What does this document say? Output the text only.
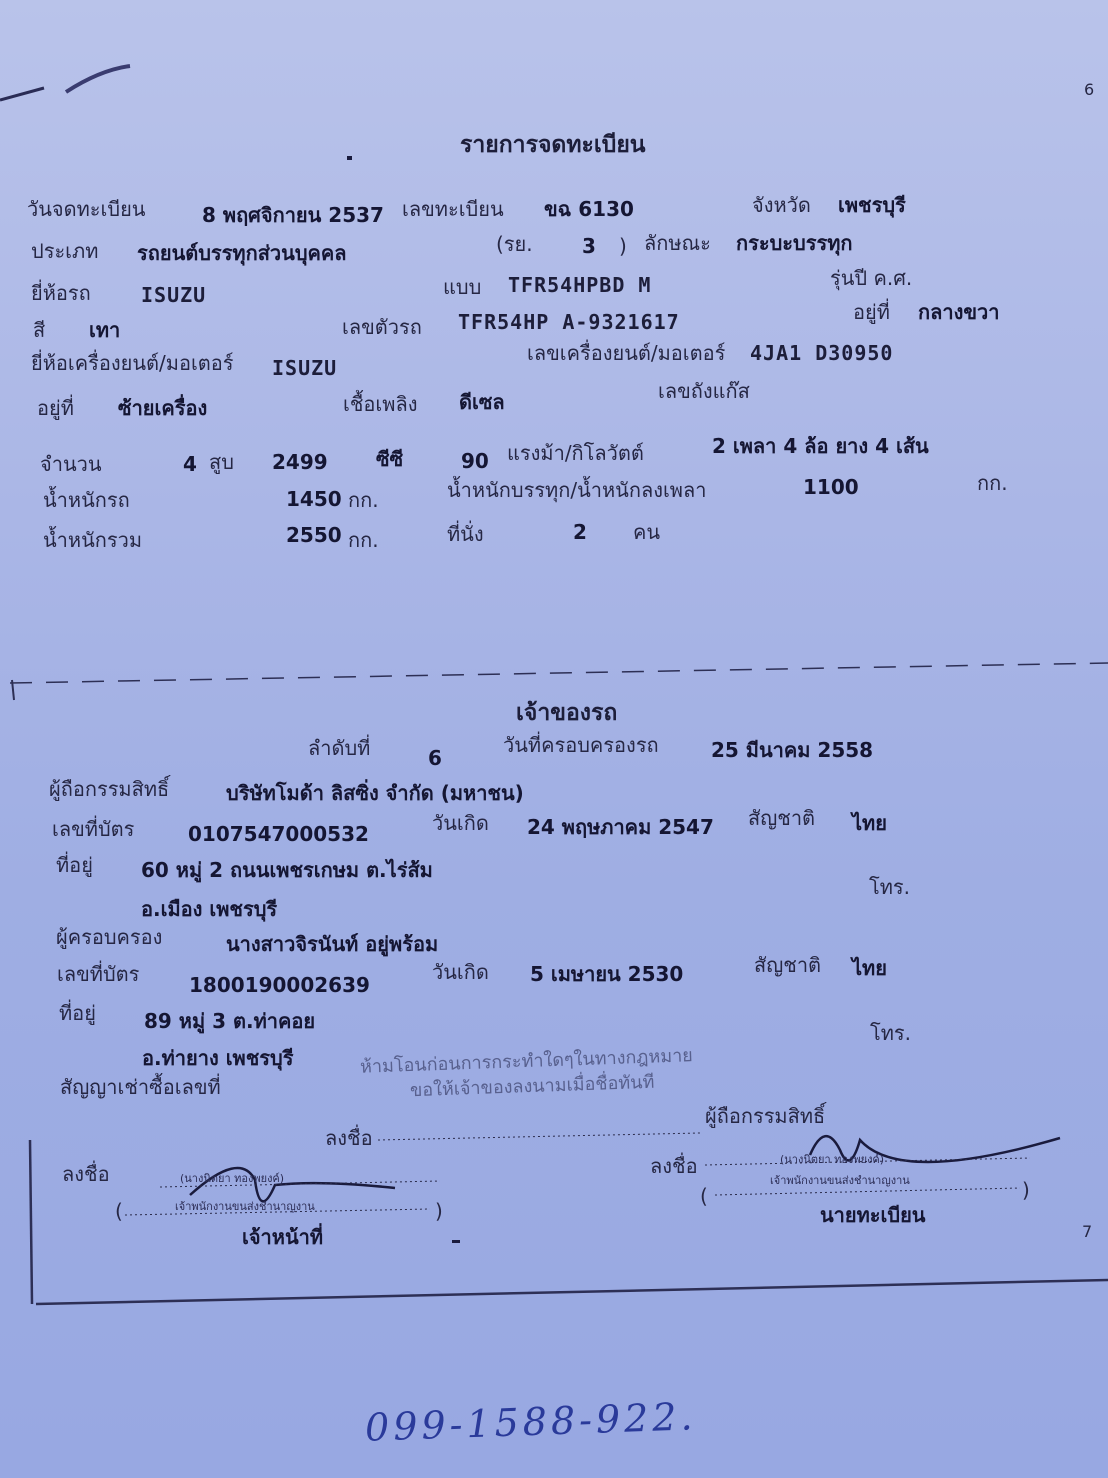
6
รายการจดทะเบียน
วันจดทะเบียน	8 พฤศจิกายน 2537 เลขทะเบียน ขฉ 6130	จังหวัด เพชรบุรี
ประเภท รถยนต์บรรทุกส่วนบุคคล	(รย. 3 ) ลักษณะ กระบะบรรทุก
ยี่ห้อรถ	ISUZU	แบบ TFR54HPBD M	รุ่นปี ค.ศ.
สี เทา	เลขตัวรถ TFR54HP A-9321617	อยู่ที่ กลางขวา
ยี่ห้อเครื่องยนต์/มอเตอร์ ISUZU
เลขเครื่องยนต์/มอเตอร์ 4JA1 D30950
อยู่ที่ ซ้ายเครื่อง	เชื้อเพลิง ดีเซล	เลขถังแก๊ส
จำนวน	4 สูบ 2499 ซีซี	90 แรงม้า/กิโลวัตต์	2 เพลา 4 ล้อ ยาง 4 เส้น
น้ำหนักรถ	1450 กก.	น้ำหนักบรรทุก/น้ำหนักลงเพลา	1100	กก.
น้ำหนักรวม	2550 กก.	ที่นั่ง	2 คน
เจ้าของรถ
ลำดับที่	6
วันที่ครอบครองรถ	25 มีนาคม 2558
ผู้ถือกรรมสิทธิ์	บริษัทโมด้า ลิสซิ่ง จำกัด (มหาชน)
เลขที่บัตร	0107547000532	วันเกิด 24 พฤษภาคม 2547 สัญชาติ ไทย
ที่อยู่ 60 หมู่ 2 ถนนเพชรเกษม ต.ไร่ส้ม
อ.เมือง เพชรบุรี
โทร.
ผู้ครอบครอง	นางสาวจิรนันท์ อยู่พร้อม
เลขที่บัตร 1800190002639
วันเกิด 5 เมษายน 2530	สัญชาติ ไทย
ที่อยู่ 89 หมู่ 3 ต.ท่าคอย
อ.ท่ายาง เพชรบุรี
โทร.
ห้ามโอนก่อนการกระทำใดๆในทางกฎหมาย
ขอให้เจ้าของลงนามเมื่อชื่อทันที
สัญญาเช่าซื้อเลขที่
ลงชื่อ
ผู้ถือกรรมสิทธิ์
ลงชื่อ	(นางนิตยา ทองพยงค์)
(	เจ้าพนักงานขนส่งชำนาญงาน	)
เจ้าหน้าที่
ลงชื่อ	(นางนิตยา ทองพยงค์)
(
เจ้าพนักงานขนส่งชำนาญงาน	)
นายทะเบียน
7
099-1588-922.
